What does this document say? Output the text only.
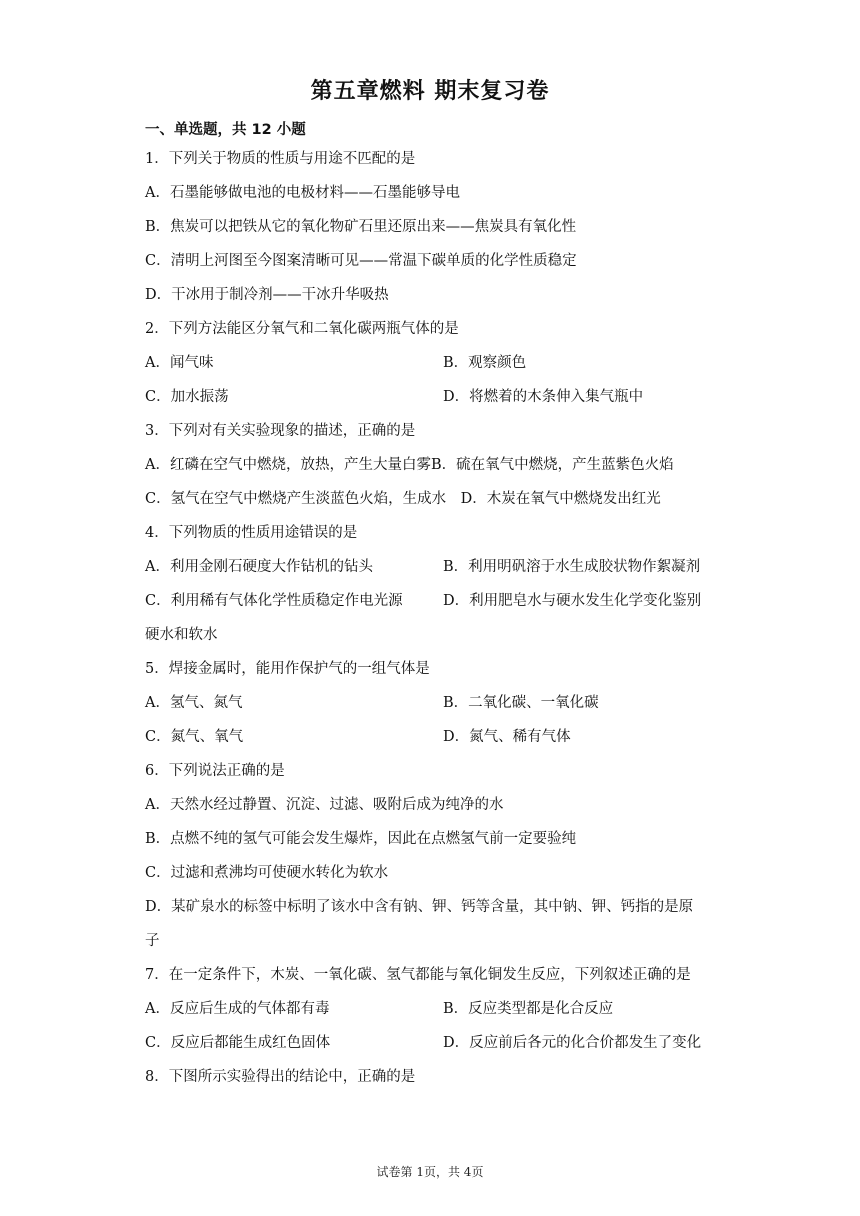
第五章燃料 期末复习卷
一、单选题，共 12 小题
1．下列关于物质的性质与用途不匹配的是
A．石墨能够做电池的电极材料——石墨能够导电
B．焦炭可以把铁从它的氧化物矿石里还原出来——焦炭具有氧化性
C．清明上河图至今图案清晰可见——常温下碳单质的化学性质稳定
D．干冰用于制冷剂——干冰升华吸热
2．下列方法能区分氧气和二氧化碳两瓶气体的是
A．闻气味	B．观察颜色
C．加水振荡	D．将燃着的木条伸入集气瓶中
3．下列对有关实验现象的描述，正确的是
A．红磷在空气中燃烧，放热，产生大量白雾B．硫在氧气中燃烧，产生蓝紫色火焰
C．氢气在空气中燃烧产生淡蓝色火焰，生成水　D．木炭在氧气中燃烧发出红光
4．下列物质的性质用途错误的是
A．利用金刚石硬度大作钻机的钻头	B．利用明矾溶于水生成胶状物作絮凝剂
C．利用稀有气体化学性质稳定作电光源	D．利用肥皂水与硬水发生化学变化鉴别
硬水和软水
5．焊接金属时，能用作保护气的一组气体是
A．氢气、氮气	B．二氧化碳、一氧化碳
C．氮气、氧气	D．氮气、稀有气体
6．下列说法正确的是
A．天然水经过静置、沉淀、过滤、吸附后成为纯净的水
B．点燃不纯的氢气可能会发生爆炸，因此在点燃氢气前一定要验纯
C．过滤和煮沸均可使硬水转化为软水
D．某矿泉水的标签中标明了该水中含有钠、钾、钙等含量，其中钠、钾、钙指的是原
子
7．在一定条件下，木炭、一氧化碳、氢气都能与氧化铜发生反应，下列叙述正确的是
A．反应后生成的气体都有毒	B．反应类型都是化合反应
C．反应后都能生成红色固体	D．反应前后各元的化合价都发生了变化
8．下图所示实验得出的结论中，正确的是
试卷第 1页，共 4页
